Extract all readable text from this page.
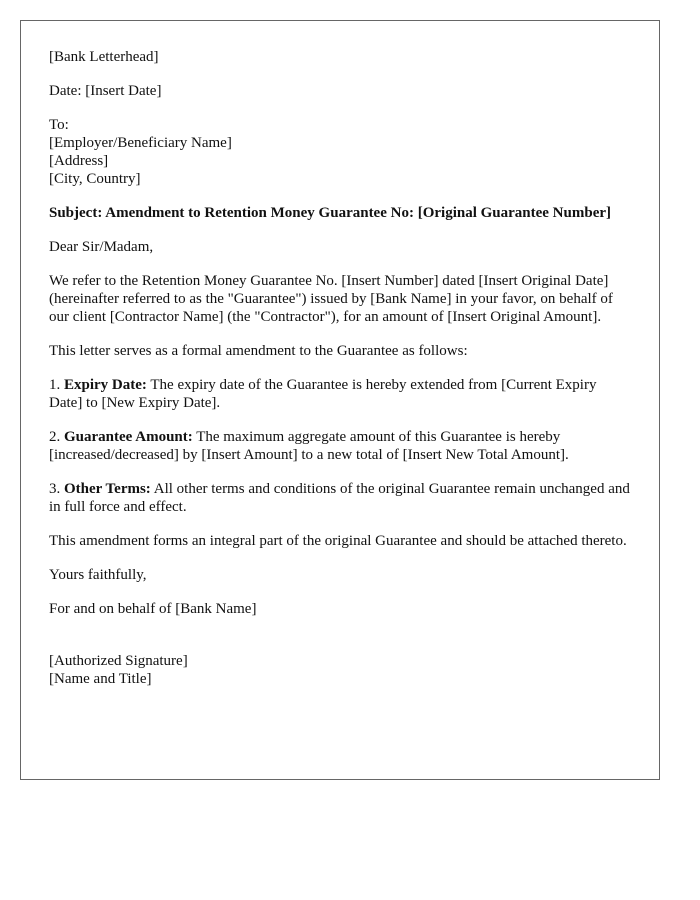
[Bank Letterhead]

Date: [Insert Date]

To:

[Employer/Beneficiary Name]

[Address]

[City, Country]

Subject: Amendment to Retention Money Guarantee No: [Original Guarantee Number]

Dear Sir/Madam,

We refer to the Retention Money Guarantee No. [Insert Number] dated [Insert Original Date] (hereinafter referred to as the "Guarantee") issued by [Bank Name] in your favor, on behalf of our client [Contractor Name] (the "Contractor"), for an amount of [Insert Original Amount].

This letter serves as a formal amendment to the Guarantee as follows:

1. Expiry Date: The expiry date of the Guarantee is hereby extended from [Current Expiry Date] to [New Expiry Date].

2. Guarantee Amount: The maximum aggregate amount of this Guarantee is hereby [increased/decreased] by [Insert Amount] to a new total of [Insert New Total Amount].

3. Other Terms: All other terms and conditions of the original Guarantee remain unchanged and in full force and effect.

This amendment forms an integral part of the original Guarantee and should be attached thereto.

Yours faithfully,

For and on behalf of [Bank Name]

[Authorized Signature]

[Name and Title]
